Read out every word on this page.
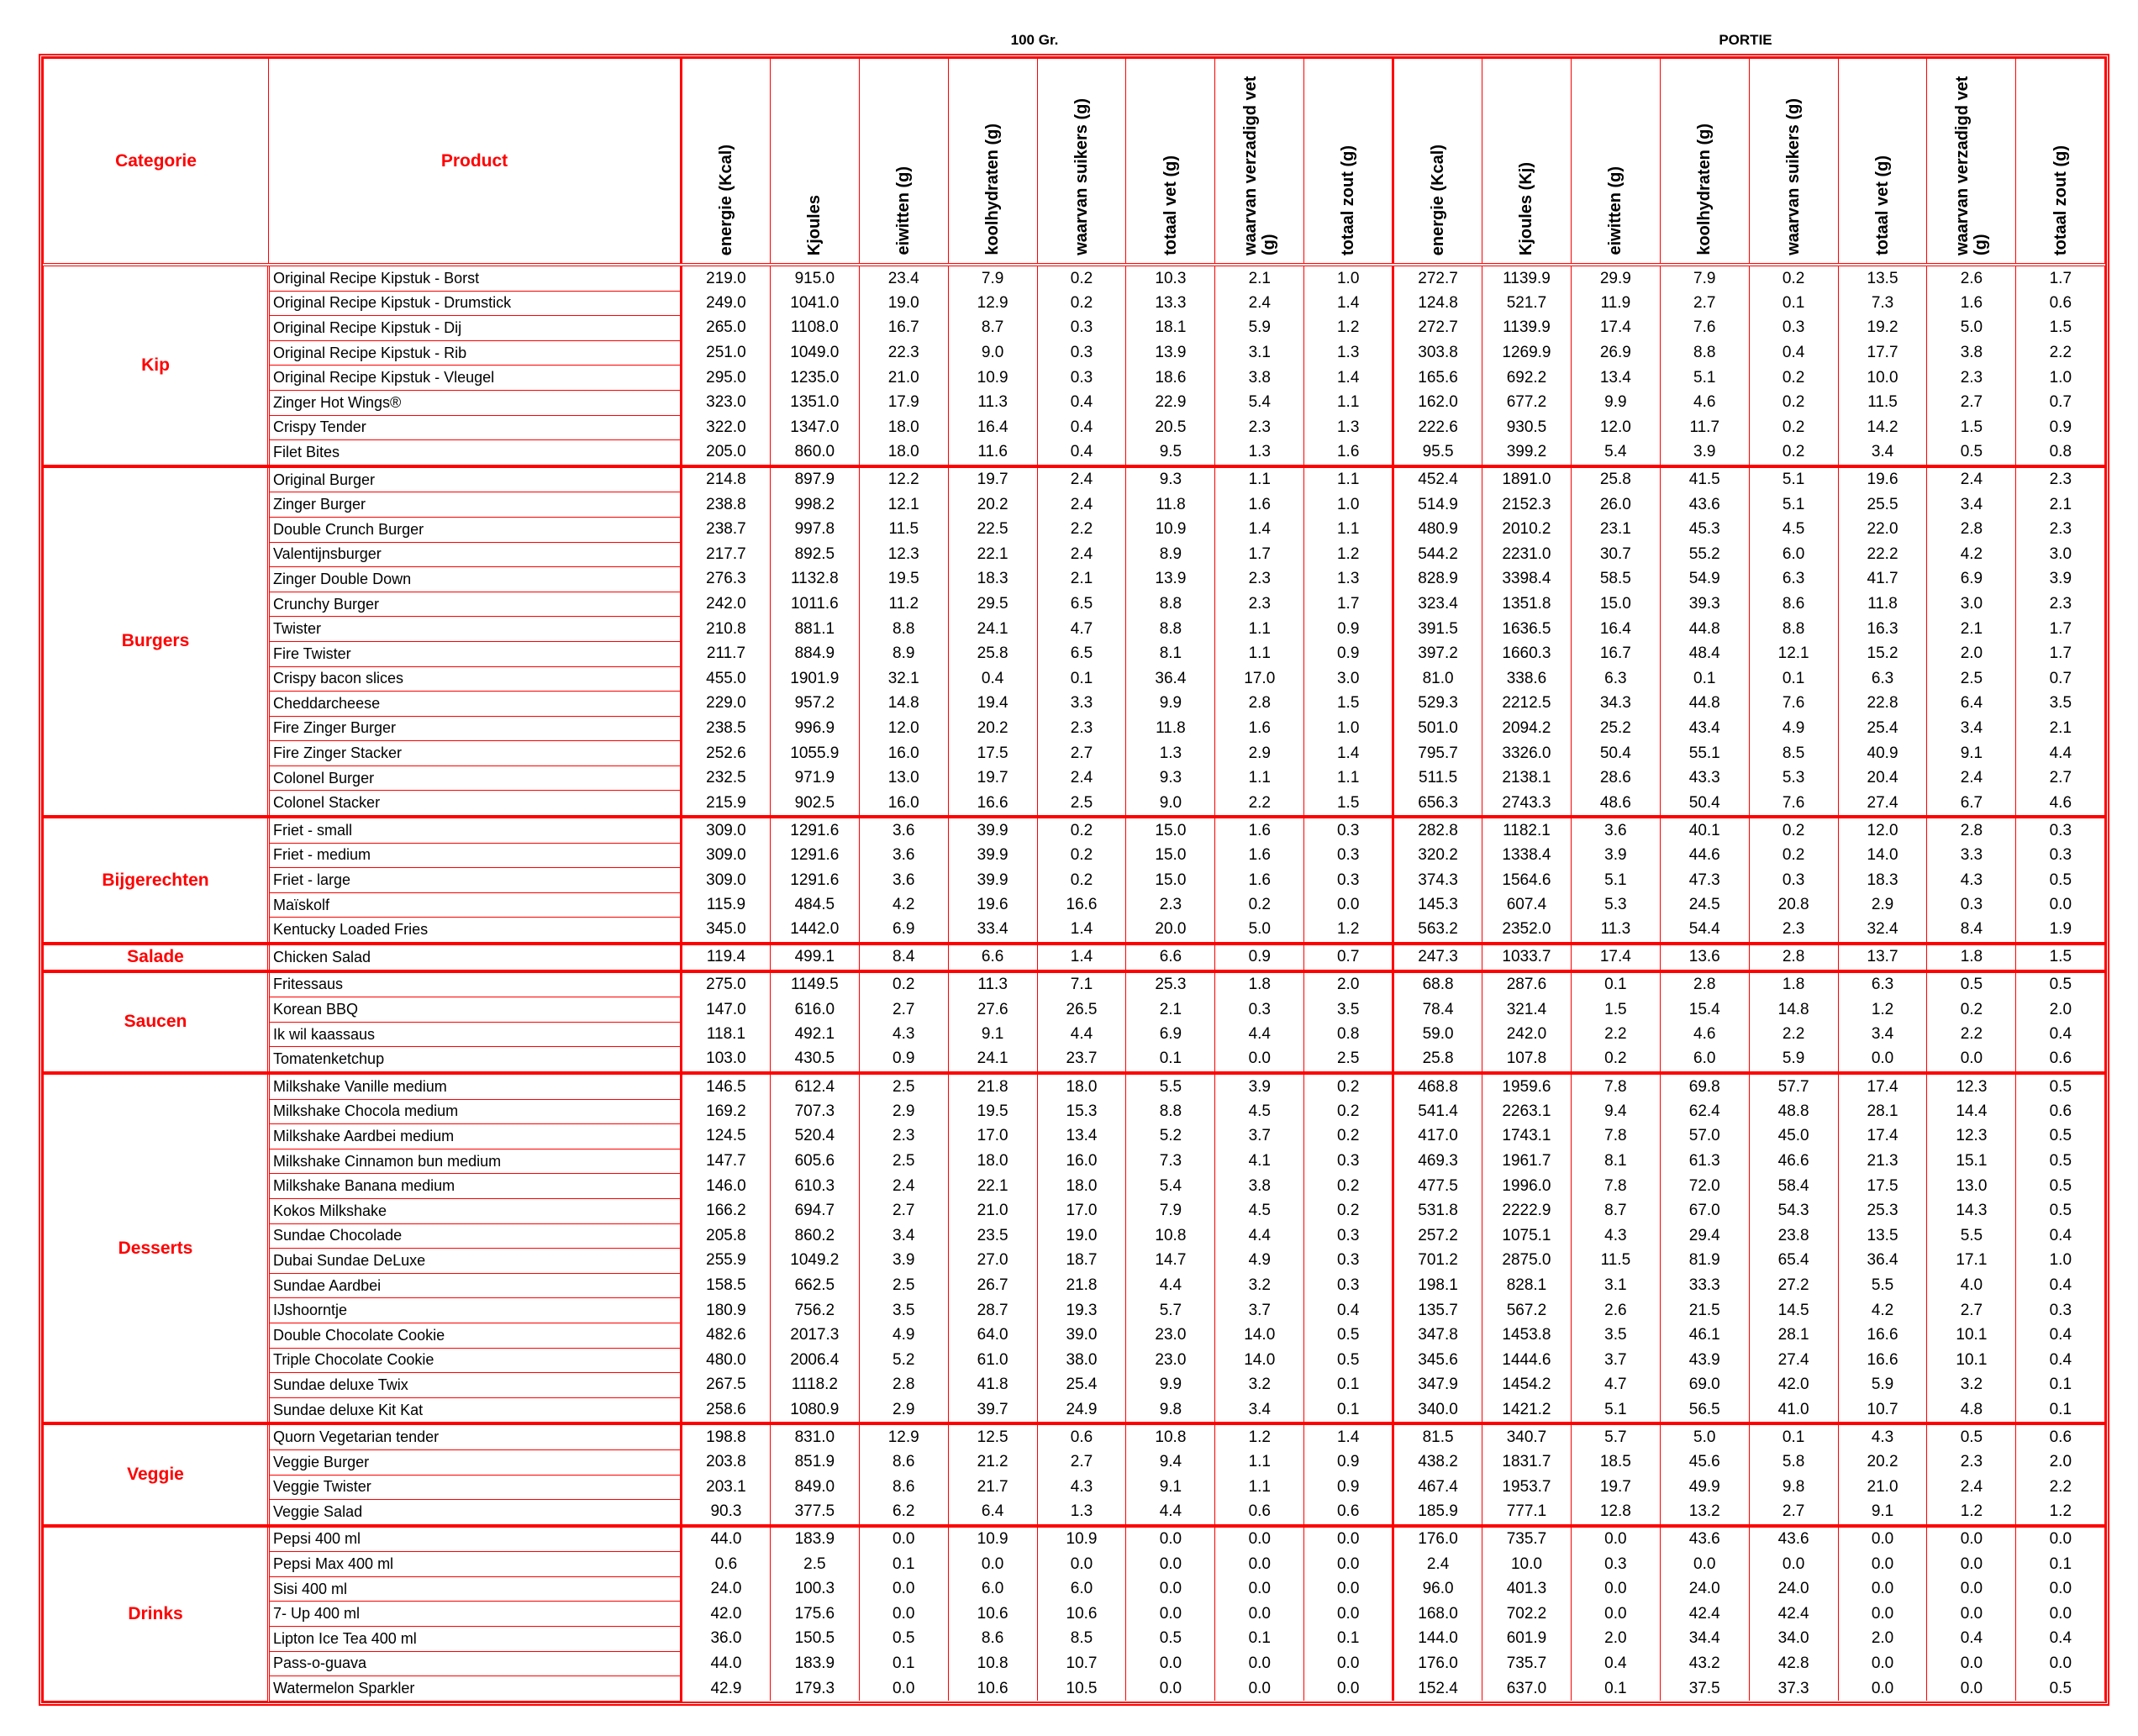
100 Gr.	PORTIE
Categorie	Product	energie (Kcal)	Kjoules	eiwitten (g)	koolhydraten (g)	waarvan suikers (g)	totaal vet (g)	waarvan verzadigd vet (g)	totaal zout (g)	energie (Kcal)	Kjoules (Kj)	eiwitten (g)	koolhydraten (g)	waarvan suikers (g)	totaal vet (g)	waarvan verzadigd vet (g)	totaal zout (g)
Kip	Original Recipe Kipstuk - Borst	219.0	915.0	23.4	7.9	0.2	10.3	2.1	1.0	272.7	1139.9	29.9	7.9	0.2	13.5	2.6	1.7
	Original Recipe Kipstuk - Drumstick	249.0	1041.0	19.0	12.9	0.2	13.3	2.4	1.4	124.8	521.7	11.9	2.7	0.1	7.3	1.6	0.6
	Original Recipe Kipstuk - Dij	265.0	1108.0	16.7	8.7	0.3	18.1	5.9	1.2	272.7	1139.9	17.4	7.6	0.3	19.2	5.0	1.5
	Original Recipe Kipstuk - Rib	251.0	1049.0	22.3	9.0	0.3	13.9	3.1	1.3	303.8	1269.9	26.9	8.8	0.4	17.7	3.8	2.2
	Original Recipe Kipstuk - Vleugel	295.0	1235.0	21.0	10.9	0.3	18.6	3.8	1.4	165.6	692.2	13.4	5.1	0.2	10.0	2.3	1.0
	Zinger Hot Wings®	323.0	1351.0	17.9	11.3	0.4	22.9	5.4	1.1	162.0	677.2	9.9	4.6	0.2	11.5	2.7	0.7
	Crispy Tender	322.0	1347.0	18.0	16.4	0.4	20.5	2.3	1.3	222.6	930.5	12.0	11.7	0.2	14.2	1.5	0.9
	Filet Bites	205.0	860.0	18.0	11.6	0.4	9.5	1.3	1.6	95.5	399.2	5.4	3.9	0.2	3.4	0.5	0.8
Burgers	Original Burger	214.8	897.9	12.2	19.7	2.4	9.3	1.1	1.1	452.4	1891.0	25.8	41.5	5.1	19.6	2.4	2.3
	Zinger Burger	238.8	998.2	12.1	20.2	2.4	11.8	1.6	1.0	514.9	2152.3	26.0	43.6	5.1	25.5	3.4	2.1
	Double Crunch Burger	238.7	997.8	11.5	22.5	2.2	10.9	1.4	1.1	480.9	2010.2	23.1	45.3	4.5	22.0	2.8	2.3
	Valentijnsburger	217.7	892.5	12.3	22.1	2.4	8.9	1.7	1.2	544.2	2231.0	30.7	55.2	6.0	22.2	4.2	3.0
	Zinger Double Down	276.3	1132.8	19.5	18.3	2.1	13.9	2.3	1.3	828.9	3398.4	58.5	54.9	6.3	41.7	6.9	3.9
	Crunchy Burger	242.0	1011.6	11.2	29.5	6.5	8.8	2.3	1.7	323.4	1351.8	15.0	39.3	8.6	11.8	3.0	2.3
	Twister	210.8	881.1	8.8	24.1	4.7	8.8	1.1	0.9	391.5	1636.5	16.4	44.8	8.8	16.3	2.1	1.7
	Fire Twister	211.7	884.9	8.9	25.8	6.5	8.1	1.1	0.9	397.2	1660.3	16.7	48.4	12.1	15.2	2.0	1.7
	Crispy bacon slices	455.0	1901.9	32.1	0.4	0.1	36.4	17.0	3.0	81.0	338.6	6.3	0.1	0.1	6.3	2.5	0.7
	Cheddarcheese	229.0	957.2	14.8	19.4	3.3	9.9	2.8	1.5	529.3	2212.5	34.3	44.8	7.6	22.8	6.4	3.5
	Fire Zinger Burger	238.5	996.9	12.0	20.2	2.3	11.8	1.6	1.0	501.0	2094.2	25.2	43.4	4.9	25.4	3.4	2.1
	Fire Zinger Stacker	252.6	1055.9	16.0	17.5	2.7	1.3	2.9	1.4	795.7	3326.0	50.4	55.1	8.5	40.9	9.1	4.4
	Colonel Burger	232.5	971.9	13.0	19.7	2.4	9.3	1.1	1.1	511.5	2138.1	28.6	43.3	5.3	20.4	2.4	2.7
	Colonel Stacker	215.9	902.5	16.0	16.6	2.5	9.0	2.2	1.5	656.3	2743.3	48.6	50.4	7.6	27.4	6.7	4.6
Bijgerechten	Friet - small	309.0	1291.6	3.6	39.9	0.2	15.0	1.6	0.3	282.8	1182.1	3.6	40.1	0.2	12.0	2.8	0.3
	Friet - medium	309.0	1291.6	3.6	39.9	0.2	15.0	1.6	0.3	320.2	1338.4	3.9	44.6	0.2	14.0	3.3	0.3
	Friet - large	309.0	1291.6	3.6	39.9	0.2	15.0	1.6	0.3	374.3	1564.6	5.1	47.3	0.3	18.3	4.3	0.5
	Maïskolf	115.9	484.5	4.2	19.6	16.6	2.3	0.2	0.0	145.3	607.4	5.3	24.5	20.8	2.9	0.3	0.0
	Kentucky Loaded Fries	345.0	1442.0	6.9	33.4	1.4	20.0	5.0	1.2	563.2	2352.0	11.3	54.4	2.3	32.4	8.4	1.9
Salade	Chicken Salad	119.4	499.1	8.4	6.6	1.4	6.6	0.9	0.7	247.3	1033.7	17.4	13.6	2.8	13.7	1.8	1.5
Saucen	Fritessaus	275.0	1149.5	0.2	11.3	7.1	25.3	1.8	2.0	68.8	287.6	0.1	2.8	1.8	6.3	0.5	0.5
	Korean BBQ	147.0	616.0	2.7	27.6	26.5	2.1	0.3	3.5	78.4	321.4	1.5	15.4	14.8	1.2	0.2	2.0
	Ik wil kaassaus	118.1	492.1	4.3	9.1	4.4	6.9	4.4	0.8	59.0	242.0	2.2	4.6	2.2	3.4	2.2	0.4
	Tomatenketchup	103.0	430.5	0.9	24.1	23.7	0.1	0.0	2.5	25.8	107.8	0.2	6.0	5.9	0.0	0.0	0.6
Desserts	Milkshake Vanille medium	146.5	612.4	2.5	21.8	18.0	5.5	3.9	0.2	468.8	1959.6	7.8	69.8	57.7	17.4	12.3	0.5
	Milkshake Chocola medium	169.2	707.3	2.9	19.5	15.3	8.8	4.5	0.2	541.4	2263.1	9.4	62.4	48.8	28.1	14.4	0.6
	Milkshake Aardbei medium	124.5	520.4	2.3	17.0	13.4	5.2	3.7	0.2	417.0	1743.1	7.8	57.0	45.0	17.4	12.3	0.5
	Milkshake Cinnamon bun medium	147.7	605.6	2.5	18.0	16.0	7.3	4.1	0.3	469.3	1961.7	8.1	61.3	46.6	21.3	15.1	0.5
	Milkshake Banana medium	146.0	610.3	2.4	22.1	18.0	5.4	3.8	0.2	477.5	1996.0	7.8	72.0	58.4	17.5	13.0	0.5
	Kokos Milkshake	166.2	694.7	2.7	21.0	17.0	7.9	4.5	0.2	531.8	2222.9	8.7	67.0	54.3	25.3	14.3	0.5
	Sundae Chocolade	205.8	860.2	3.4	23.5	19.0	10.8	4.4	0.3	257.2	1075.1	4.3	29.4	23.8	13.5	5.5	0.4
	Dubai Sundae DeLuxe	255.9	1049.2	3.9	27.0	18.7	14.7	4.9	0.3	701.2	2875.0	11.5	81.9	65.4	36.4	17.1	1.0
	Sundae Aardbei	158.5	662.5	2.5	26.7	21.8	4.4	3.2	0.3	198.1	828.1	3.1	33.3	27.2	5.5	4.0	0.4
	IJshoorntje	180.9	756.2	3.5	28.7	19.3	5.7	3.7	0.4	135.7	567.2	2.6	21.5	14.5	4.2	2.7	0.3
	Double Chocolate Cookie	482.6	2017.3	4.9	64.0	39.0	23.0	14.0	0.5	347.8	1453.8	3.5	46.1	28.1	16.6	10.1	0.4
	Triple Chocolate Cookie	480.0	2006.4	5.2	61.0	38.0	23.0	14.0	0.5	345.6	1444.6	3.7	43.9	27.4	16.6	10.1	0.4
	Sundae deluxe Twix	267.5	1118.2	2.8	41.8	25.4	9.9	3.2	0.1	347.9	1454.2	4.7	69.0	42.0	5.9	3.2	0.1
	Sundae deluxe Kit Kat	258.6	1080.9	2.9	39.7	24.9	9.8	3.4	0.1	340.0	1421.2	5.1	56.5	41.0	10.7	4.8	0.1
Veggie	Quorn Vegetarian tender	198.8	831.0	12.9	12.5	0.6	10.8	1.2	1.4	81.5	340.7	5.7	5.0	0.1	4.3	0.5	0.6
	Veggie Burger	203.8	851.9	8.6	21.2	2.7	9.4	1.1	0.9	438.2	1831.7	18.5	45.6	5.8	20.2	2.3	2.0
	Veggie Twister	203.1	849.0	8.6	21.7	4.3	9.1	1.1	0.9	467.4	1953.7	19.7	49.9	9.8	21.0	2.4	2.2
	Veggie Salad	90.3	377.5	6.2	6.4	1.3	4.4	0.6	0.6	185.9	777.1	12.8	13.2	2.7	9.1	1.2	1.2
Drinks	Pepsi 400 ml	44.0	183.9	0.0	10.9	10.9	0.0	0.0	0.0	176.0	735.7	0.0	43.6	43.6	0.0	0.0	0.0
	Pepsi Max 400 ml	0.6	2.5	0.1	0.0	0.0	0.0	0.0	0.0	2.4	10.0	0.3	0.0	0.0	0.0	0.0	0.1
	Sisi 400 ml	24.0	100.3	0.0	6.0	6.0	0.0	0.0	0.0	96.0	401.3	0.0	24.0	24.0	0.0	0.0	0.0
	7- Up 400 ml	42.0	175.6	0.0	10.6	10.6	0.0	0.0	0.0	168.0	702.2	0.0	42.4	42.4	0.0	0.0	0.0
	Lipton Ice Tea 400 ml	36.0	150.5	0.5	8.6	8.5	0.5	0.1	0.1	144.0	601.9	2.0	34.4	34.0	2.0	0.4	0.4
	Pass-o-guava	44.0	183.9	0.1	10.8	10.7	0.0	0.0	0.0	176.0	735.7	0.4	43.2	42.8	0.0	0.0	0.0
	Watermelon Sparkler	42.9	179.3	0.0	10.6	10.5	0.0	0.0	0.0	152.4	637.0	0.1	37.5	37.3	0.0	0.0	0.5
